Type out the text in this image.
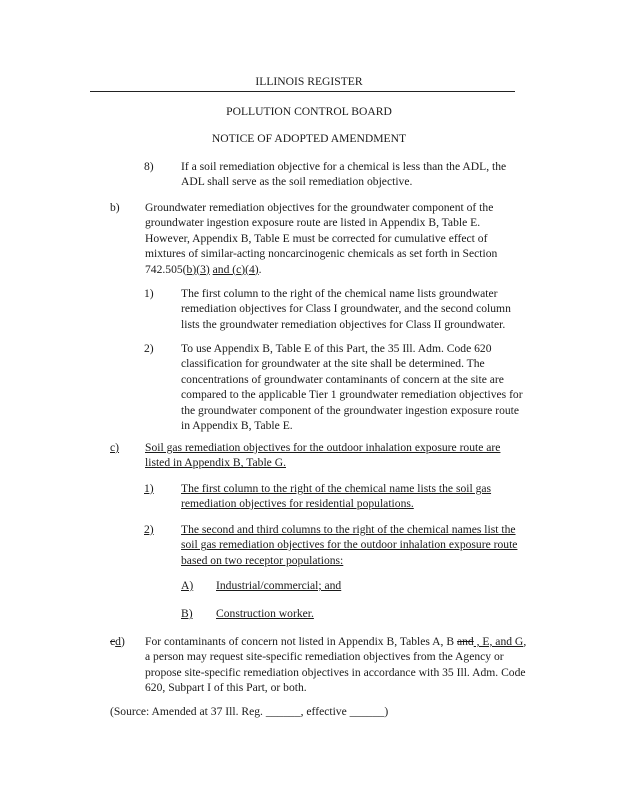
ILLINOIS REGISTER
POLLUTION CONTROL BOARD
NOTICE OF ADOPTED AMENDMENT
8) If a soil remediation objective for a chemical is less than the ADL, the ADL shall serve as the soil remediation objective.
b) Groundwater remediation objectives for the groundwater component of the groundwater ingestion exposure route are listed in Appendix B, Table E. However, Appendix B, Table E must be corrected for cumulative effect of mixtures of similar-acting noncarcinogenic chemicals as set forth in Section 742.505(b)(3) and (c)(4).
1) The first column to the right of the chemical name lists groundwater remediation objectives for Class I groundwater, and the second column lists the groundwater remediation objectives for Class II groundwater.
2) To use Appendix B, Table E of this Part, the 35 Ill. Adm. Code 620 classification for groundwater at the site shall be determined. The concentrations of groundwater contaminants of concern at the site are compared to the applicable Tier 1 groundwater remediation objectives for the groundwater component of the groundwater ingestion exposure route in Appendix B, Table E.
c) Soil gas remediation objectives for the outdoor inhalation exposure route are listed in Appendix B, Table G.
1) The first column to the right of the chemical name lists the soil gas remediation objectives for residential populations.
2) The second and third columns to the right of the chemical names list the soil gas remediation objectives for the outdoor inhalation exposure route based on two receptor populations:
A) Industrial/commercial; and
B) Construction worker.
cd) For contaminants of concern not listed in Appendix B, Tables A, B and , E, and G, a person may request site-specific remediation objectives from the Agency or propose site-specific remediation objectives in accordance with 35 Ill. Adm. Code 620, Subpart I of this Part, or both.
(Source: Amended at 37 Ill. Reg. ______, effective ______)
